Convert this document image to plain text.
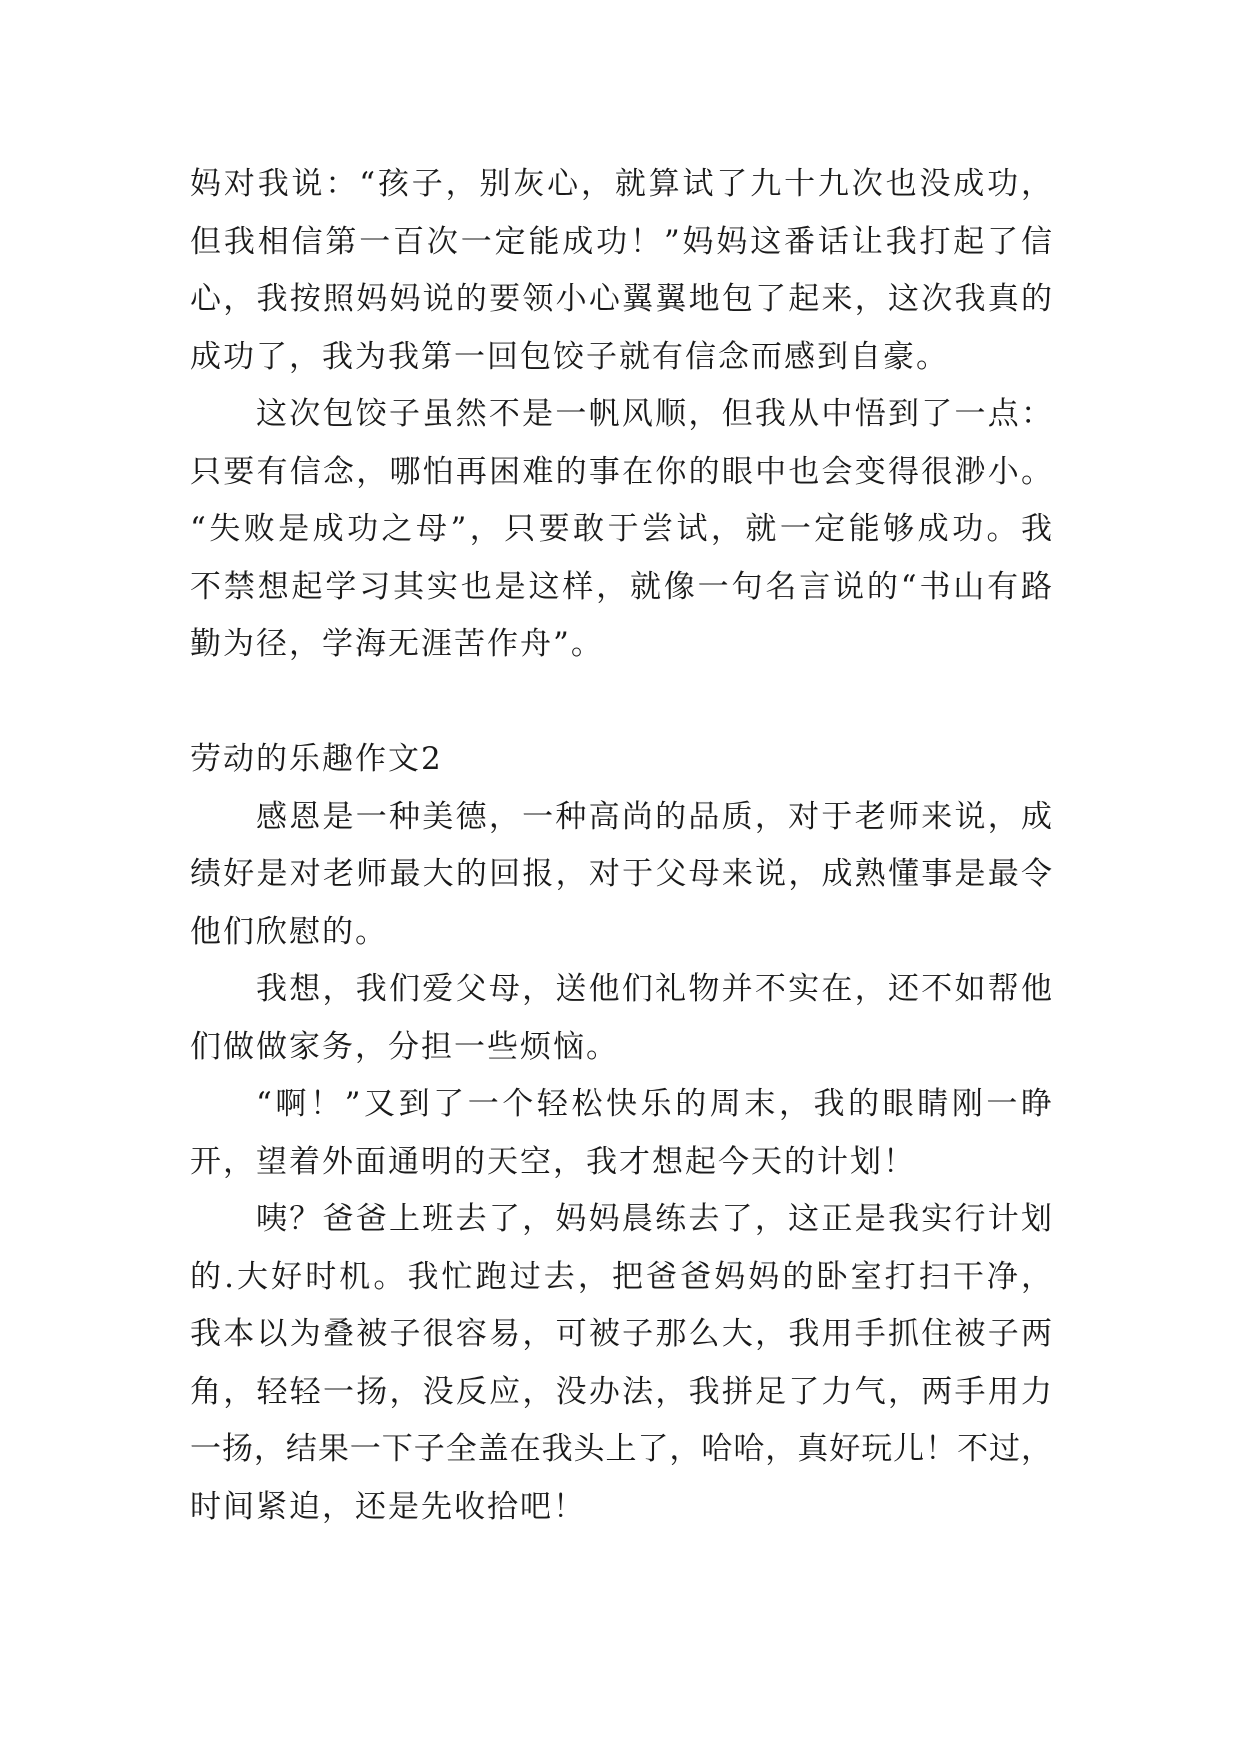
妈对我说：“孩子，别灰心，就算试了九十九次也没成功，
但我相信第一百次一定能成功！”妈妈这番话让我打起了信
心，我按照妈妈说的要领小心翼翼地包了起来，这次我真的
成功了，我为我第一回包饺子就有信念而感到自豪。
这次包饺子虽然不是一帆风顺，但我从中悟到了一点：
只要有信念，哪怕再困难的事在你的眼中也会变得很渺小。
“失败是成功之母”，只要敢于尝试，就一定能够成功。我
不禁想起学习其实也是这样，就像一句名言说的“书山有路
勤为径，学海无涯苦作舟”。
劳动的乐趣作文2
感恩是一种美德，一种高尚的品质，对于老师来说，成
绩好是对老师最大的回报，对于父母来说，成熟懂事是最令
他们欣慰的。
我想，我们爱父母，送他们礼物并不实在，还不如帮他
们做做家务，分担一些烦恼。
“啊！”又到了一个轻松快乐的周末，我的眼睛刚一睁
开，望着外面通明的天空，我才想起今天的计划！
咦？爸爸上班去了，妈妈晨练去了，这正是我实行计划
的.大好时机。我忙跑过去，把爸爸妈妈的卧室打扫干净，
我本以为叠被子很容易，可被子那么大，我用手抓住被子两
角，轻轻一扬，没反应，没办法，我拼足了力气，两手用力
一扬，结果一下子全盖在我头上了，哈哈，真好玩儿！不过，
时间紧迫，还是先收拾吧！
